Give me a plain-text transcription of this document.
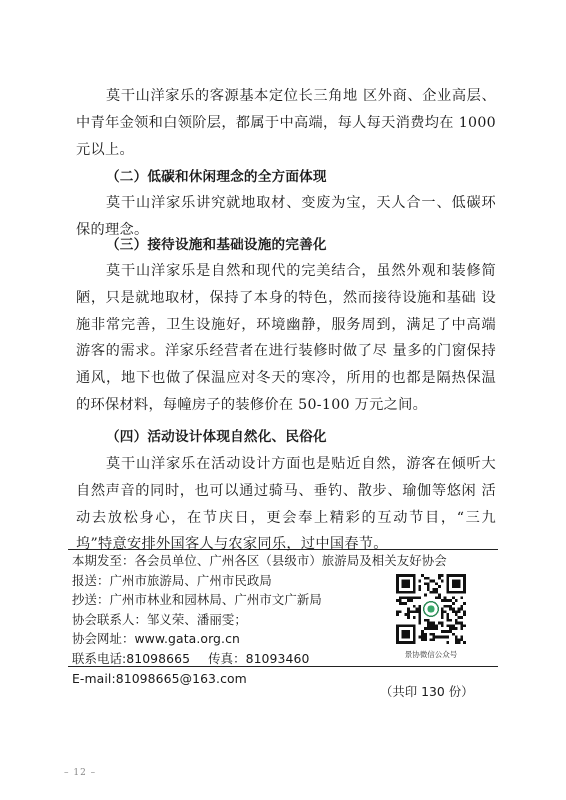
莫干山洋家乐的客源基本定位长三角地 区外商、企业高层、中青年金领和白领阶层，都属于中高端，每人每天消费均在 1000 元以上。

（二）低碳和休闲理念的全方面体现

莫干山洋家乐讲究就地取材、变废为宝，天人合一、低碳环保的理念。

（三）接待设施和基础设施的完善化

莫干山洋家乐是自然和现代的完美结合，虽然外观和装修简陋，只是就地取材，保持了本身的特色，然而接待设施和基础 设施非常完善，卫生设施好，环境幽静，服务周到，满足了中高端游客的需求。洋家乐经营者在进行装修时做了尽 量多的门窗保持通风，地下也做了保温应对冬天的寒冷，所用的也都是隔热保温的环保材料，每幢房子的装修价在 50-100 万元之间。

（四）活动设计体现自然化、民俗化

莫干山洋家乐在活动设计方面也是贴近自然，游客在倾听大自然声音的同时，也可以通过骑马、垂钓、散步、瑜伽等悠闲 活动去放松身心，在节庆日，更会奉上精彩的互动节目，“三九 坞”特意安排外国客人与农家同乐，过中国春节。

本期发至：各会员单位、广州各区（县级市）旅游局及相关友好协会
报送：广州市旅游局、广州市民政局
抄送：广州市林业和园林局、广州市文广新局
协会联系人：邹义荣、潘丽雯；
协会网址：www.gata.org.cn
联系电话:81098665 传真：81093460
E-mail:81098665@163.com
景协微信公众号
（共印 130 份）
– 12 –
